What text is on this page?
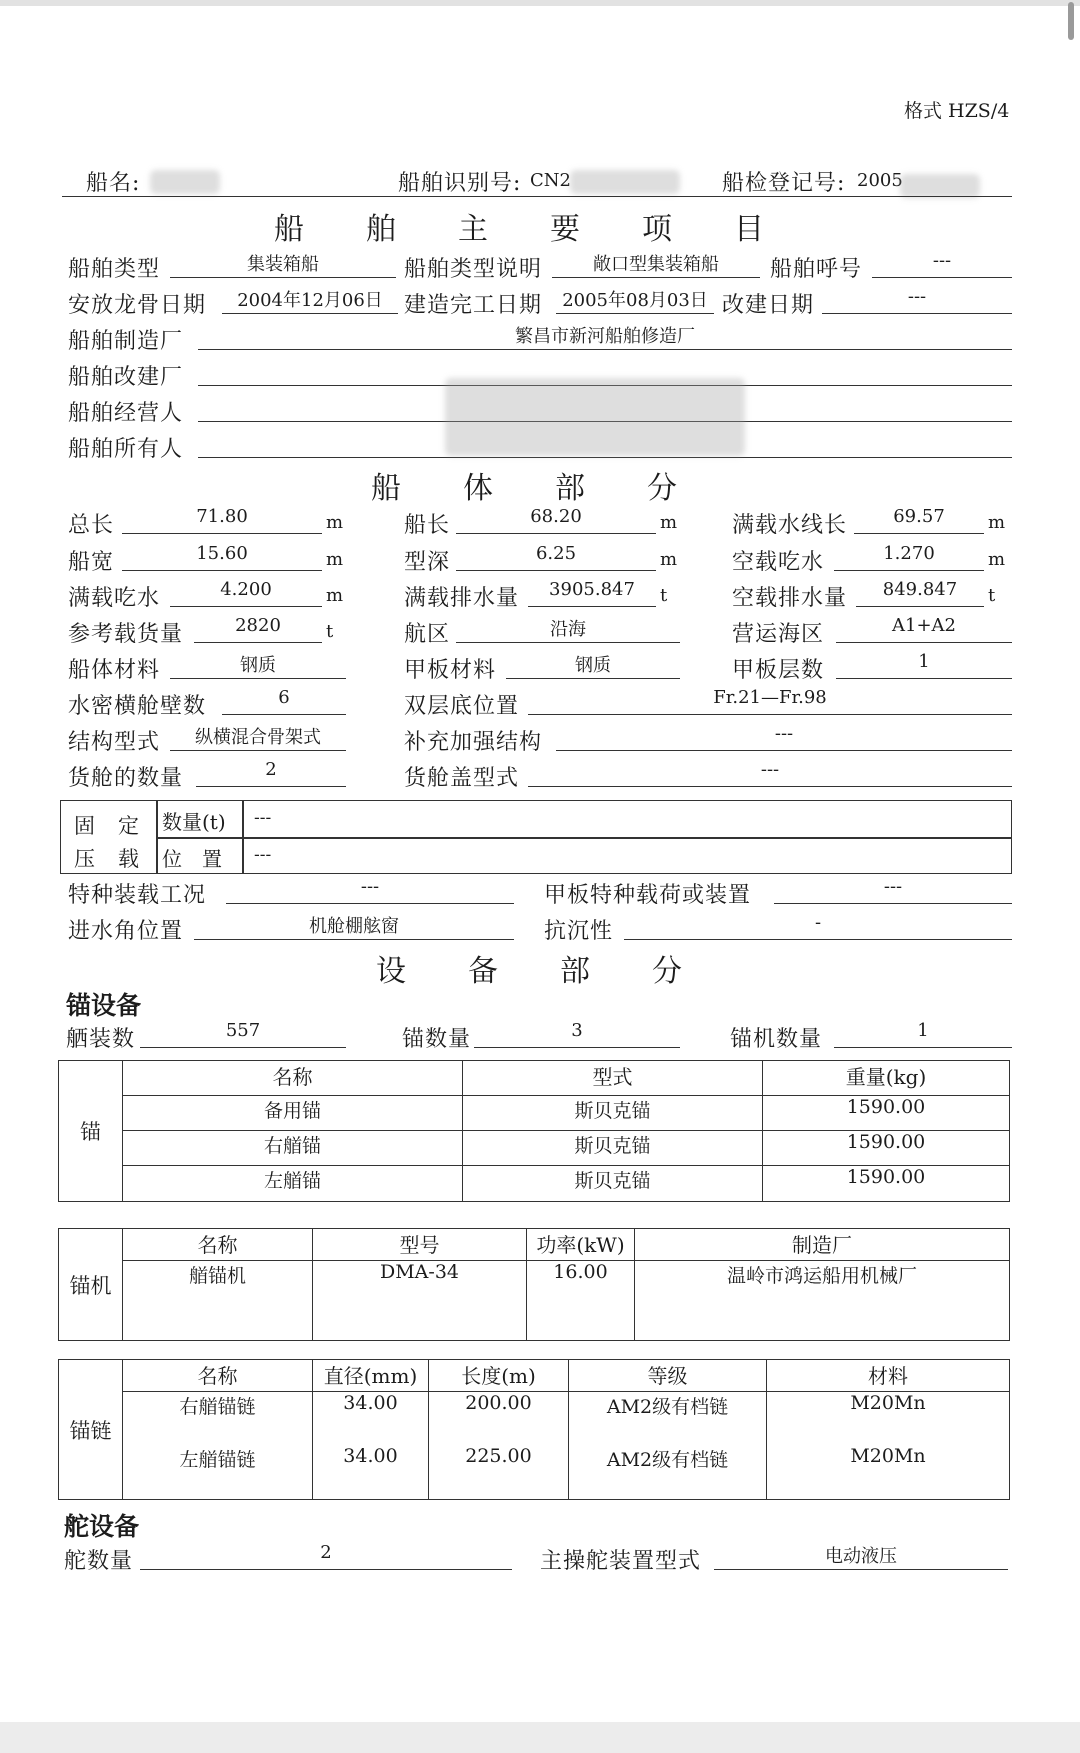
格式 HZS/4
船名:	船舶识别号: CN2	船检登记号: 2005
船舶主要项目
船舶类型	集装箱船	船舶类型说明	敞口型集装箱船	船舶呼号	---
安放龙骨日期	2004年12月06日 建造完工日期	2005年08月03日 改建日期	---
船舶制造厂	繁昌市新河船舶修造厂
船舶改建厂
船舶经营人
船舶所有人
船体部分
总长	71.80	m	船长	68.20	m 满载水线长	69.57	m
船宽	15.60	m	型深	6.25	m 空载吃水	1.270	m
满载吃水	4.200	m	满载排水量	3905.847	t	空载排水量	849.847	t
参考载货量	2820	t	航区	沿海	营运海区	A1+A2
船体材料	钢质	甲板材料	钢质	甲板层数	1
水密横舱壁数	6	双层底位置	Fr.21—Fr.98
结构型式	纵横混合骨架式	补充加强结构	---
货舱的数量	2	货舱盖型式	---
固　定
压　载
数量(t) ---
位　置 ---
特种装载工况	---	甲板特种载荷或装置	---
进水角位置	机舱棚舷窗	抗沉性	-
设备部分
锚设备
舾装数	557	锚数量	3	锚机数量	1
锚	名称	型式	重量(kg)
	备用锚	斯贝克锚	1590.00
	右艏锚	斯贝克锚	1590.00
	左艏锚	斯贝克锚	1590.00
锚机	名称	型号	功率(kW)	制造厂
	艏锚机	DMA-34	16.00	温岭市鸿运船用机械厂
锚链	名称	直径(mm)	长度(m)	等级	材料
	右艏锚链	34.00	200.00	AM2级有档链	M20Mn
	左艏锚链	34.00	225.00	AM2级有档链	M20Mn
舵设备
舵数量	2	主操舵装置型式	电动液压
